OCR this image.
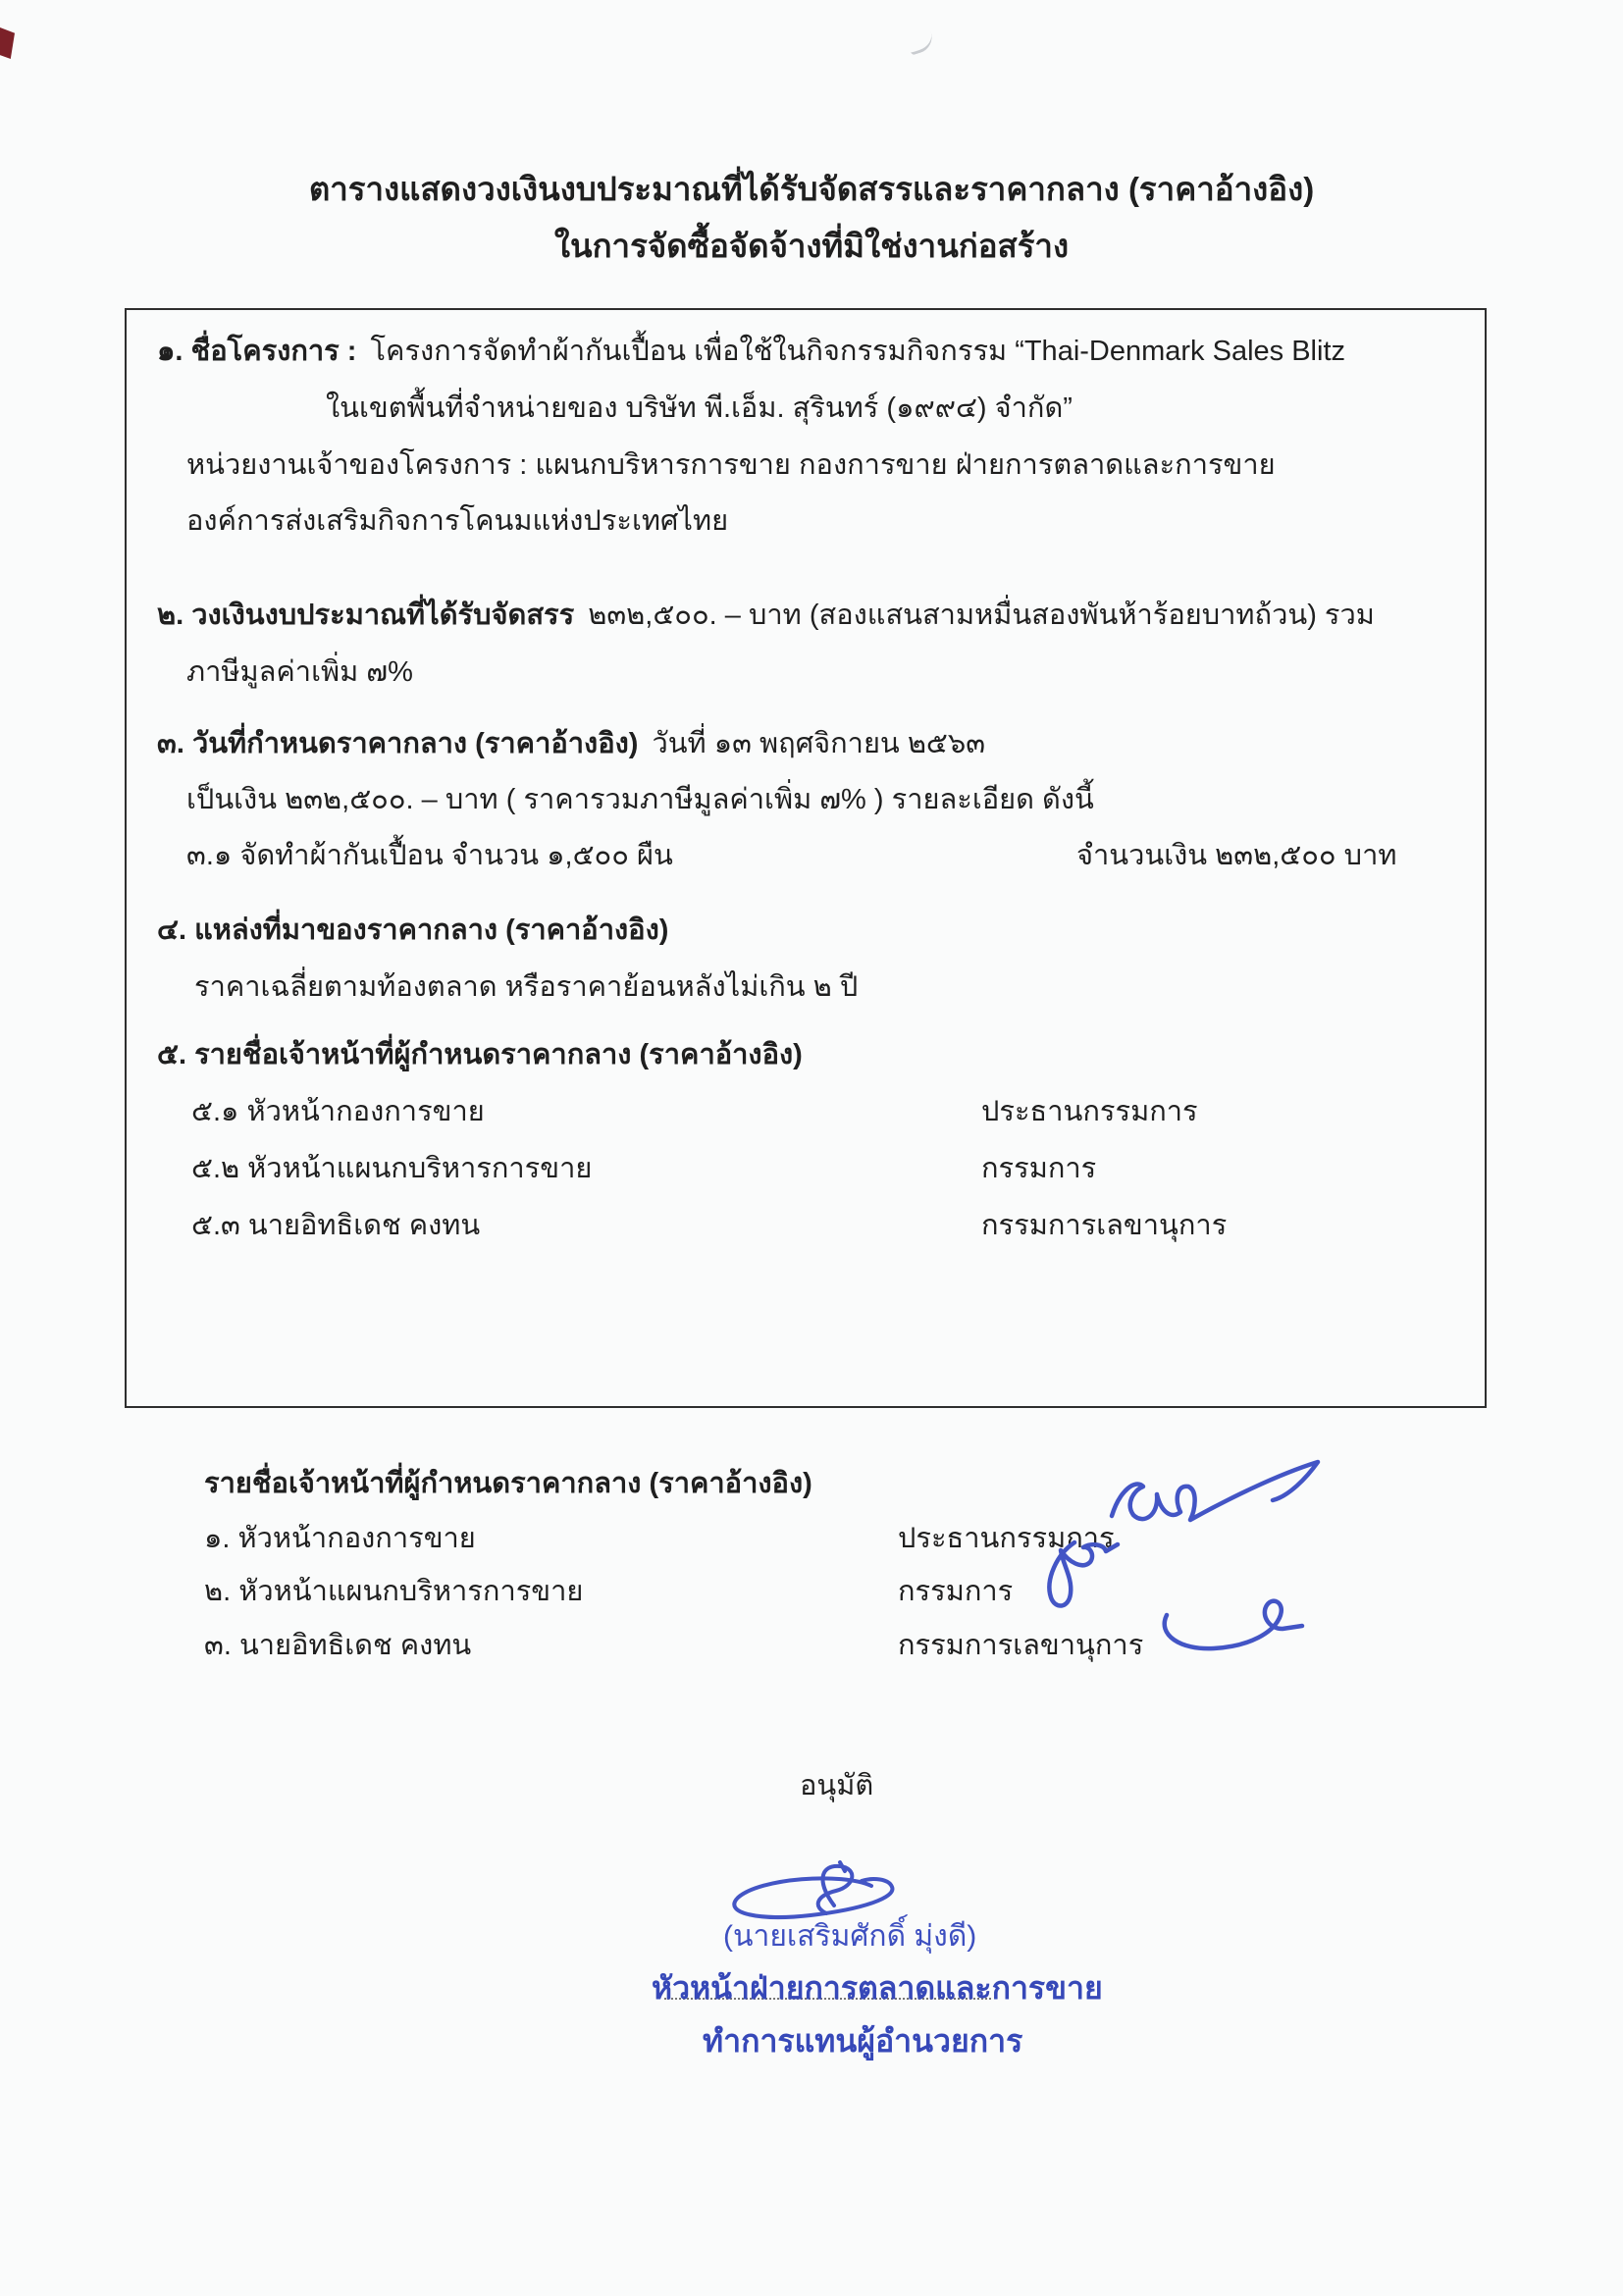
ตารางแสดงวงเงินงบประมาณที่ได้รับจัดสรรและราคากลาง (ราคาอ้างอิง)
ในการจัดซื้อจัดจ้างที่มิใช่งานก่อสร้าง
๑. ชื่อโครงการ : โครงการจัดทำผ้ากันเปื้อน เพื่อใช้ในกิจกรรมกิจกรรม “Thai-Denmark Sales Blitz
ในเขตพื้นที่จำหน่ายของ บริษัท พี.เอ็ม. สุรินทร์ (๑๙๙๔) จำกัด”
หน่วยงานเจ้าของโครงการ : แผนกบริหารการขาย กองการขาย ฝ่ายการตลาดและการขาย
องค์การส่งเสริมกิจการโคนมแห่งประเทศไทย
๒. วงเงินงบประมาณที่ได้รับจัดสรร ๒๓๒,๕๐๐. – บาท (สองแสนสามหมื่นสองพันห้าร้อยบาทถ้วน) รวม
ภาษีมูลค่าเพิ่ม ๗%
๓. วันที่กำหนดราคากลาง (ราคาอ้างอิง) วันที่ ๑๓ พฤศจิกายน ๒๕๖๓
เป็นเงิน ๒๓๒,๕๐๐. – บาท ( ราคารวมภาษีมูลค่าเพิ่ม ๗% ) รายละเอียด ดังนี้
๓.๑ จัดทำผ้ากันเปื้อน จำนวน ๑,๕๐๐ ผืน	จำนวนเงิน ๒๓๒,๕๐๐ บาท
๔. แหล่งที่มาของราคากลาง (ราคาอ้างอิง)
ราคาเฉลี่ยตามท้องตลาด หรือราคาย้อนหลังไม่เกิน ๒ ปี
๕. รายชื่อเจ้าหน้าที่ผู้กำหนดราคากลาง (ราคาอ้างอิง)
๕.๑ หัวหน้ากองการขาย	ประธานกรรมการ
๕.๒ หัวหน้าแผนกบริหารการขาย	กรรมการ
๕.๓ นายอิทธิเดช คงทน	กรรมการเลขานุการ
รายชื่อเจ้าหน้าที่ผู้กำหนดราคากลาง (ราคาอ้างอิง)
๑. หัวหน้ากองการขาย	ประธานกรรมการ
๒. หัวหน้าแผนกบริหารการขาย	กรรมการ
๓. นายอิทธิเดช คงทน	กรรมการเลขานุการ
อนุมัติ
(นายเสริมศักดิ์ มุ่งดี)
หัวหน้าฝ่ายการตลาดและการขาย
ทำการแทนผู้อำนวยการ
